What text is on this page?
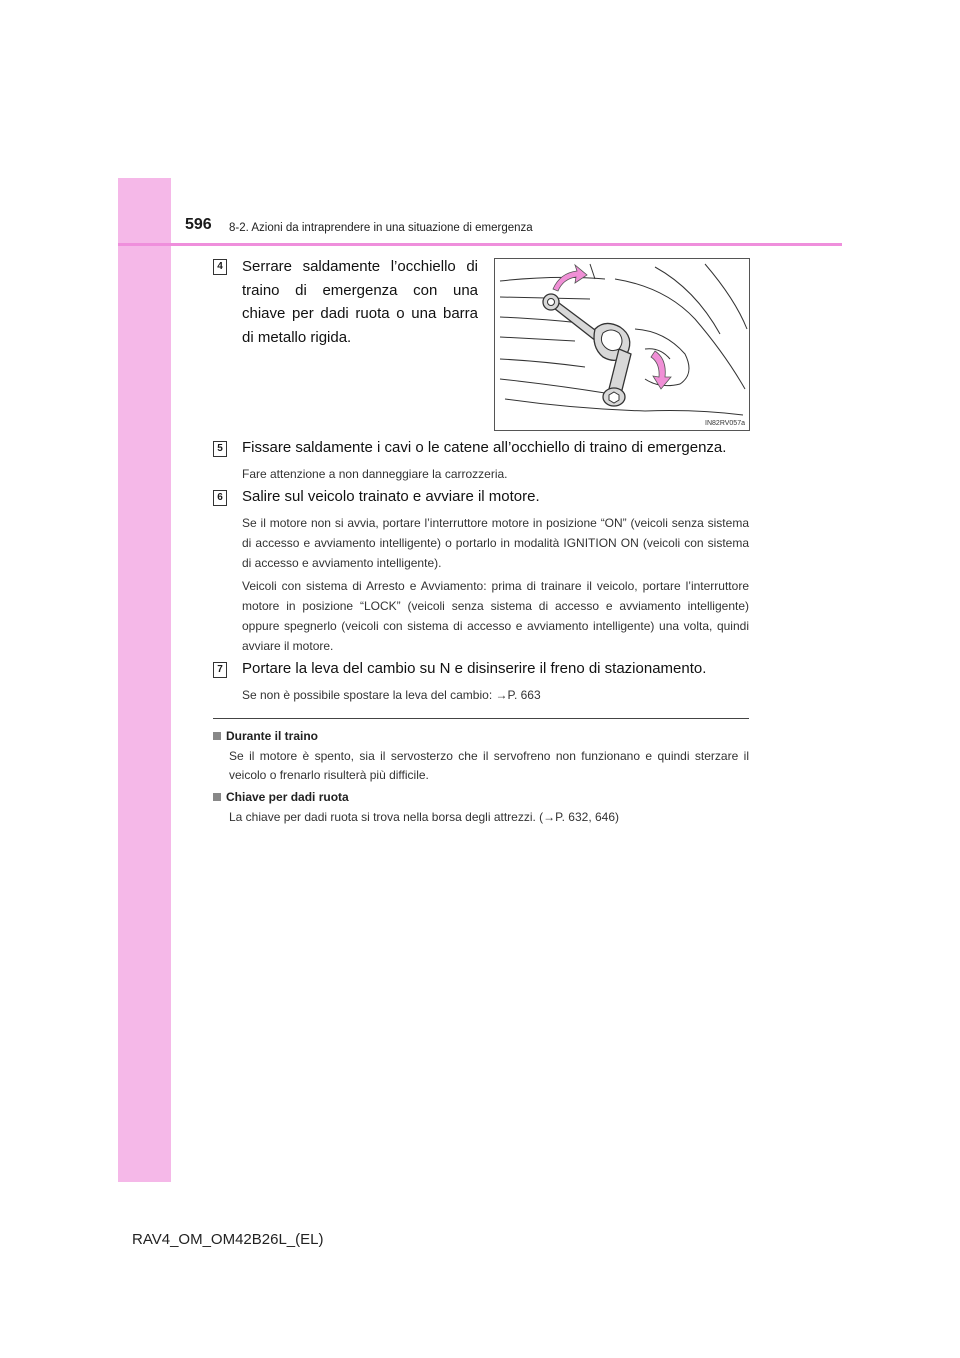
596 8-2. Azioni da intraprendere in una situazione di emergenza
4 Serrare saldamente l’occhiello di traino di emergenza con una chiave per dadi ruota o una barra di metallo rigida.
IN82RV057a
5 Fissare saldamente i cavi o le catene all’occhiello di traino di emergenza.
Fare attenzione a non danneggiare la carrozzeria.
6 Salire sul veicolo trainato e avviare il motore.
Se il motore non si avvia, portare l’interruttore motore in posizione “ON” (veicoli senza sistema di accesso e avviamento intelligente) o portarlo in modalità IGNITION ON (veicoli con sistema di accesso e avviamento intelligente).
Veicoli con sistema di Arresto e Avviamento: prima di trainare il veicolo, portare l’interruttore motore in posizione “LOCK” (veicoli senza sistema di accesso e avviamento intelligente) oppure spegnerlo (veicoli con sistema di accesso e avviamento intelligente) una volta, quindi avviare il motore.
7 Portare la leva del cambio su N e disinserire il freno di stazionamento.
Se non è possibile spostare la leva del cambio: →P. 663
Durante il traino
Se il motore è spento, sia il servosterzo che il servofreno non funzionano e quindi sterzare il veicolo o frenarlo risulterà più difficile.
Chiave per dadi ruota
La chiave per dadi ruota si trova nella borsa degli attrezzi. (→P. 632, 646)
RAV4_OM_OM42B26L_(EL)
